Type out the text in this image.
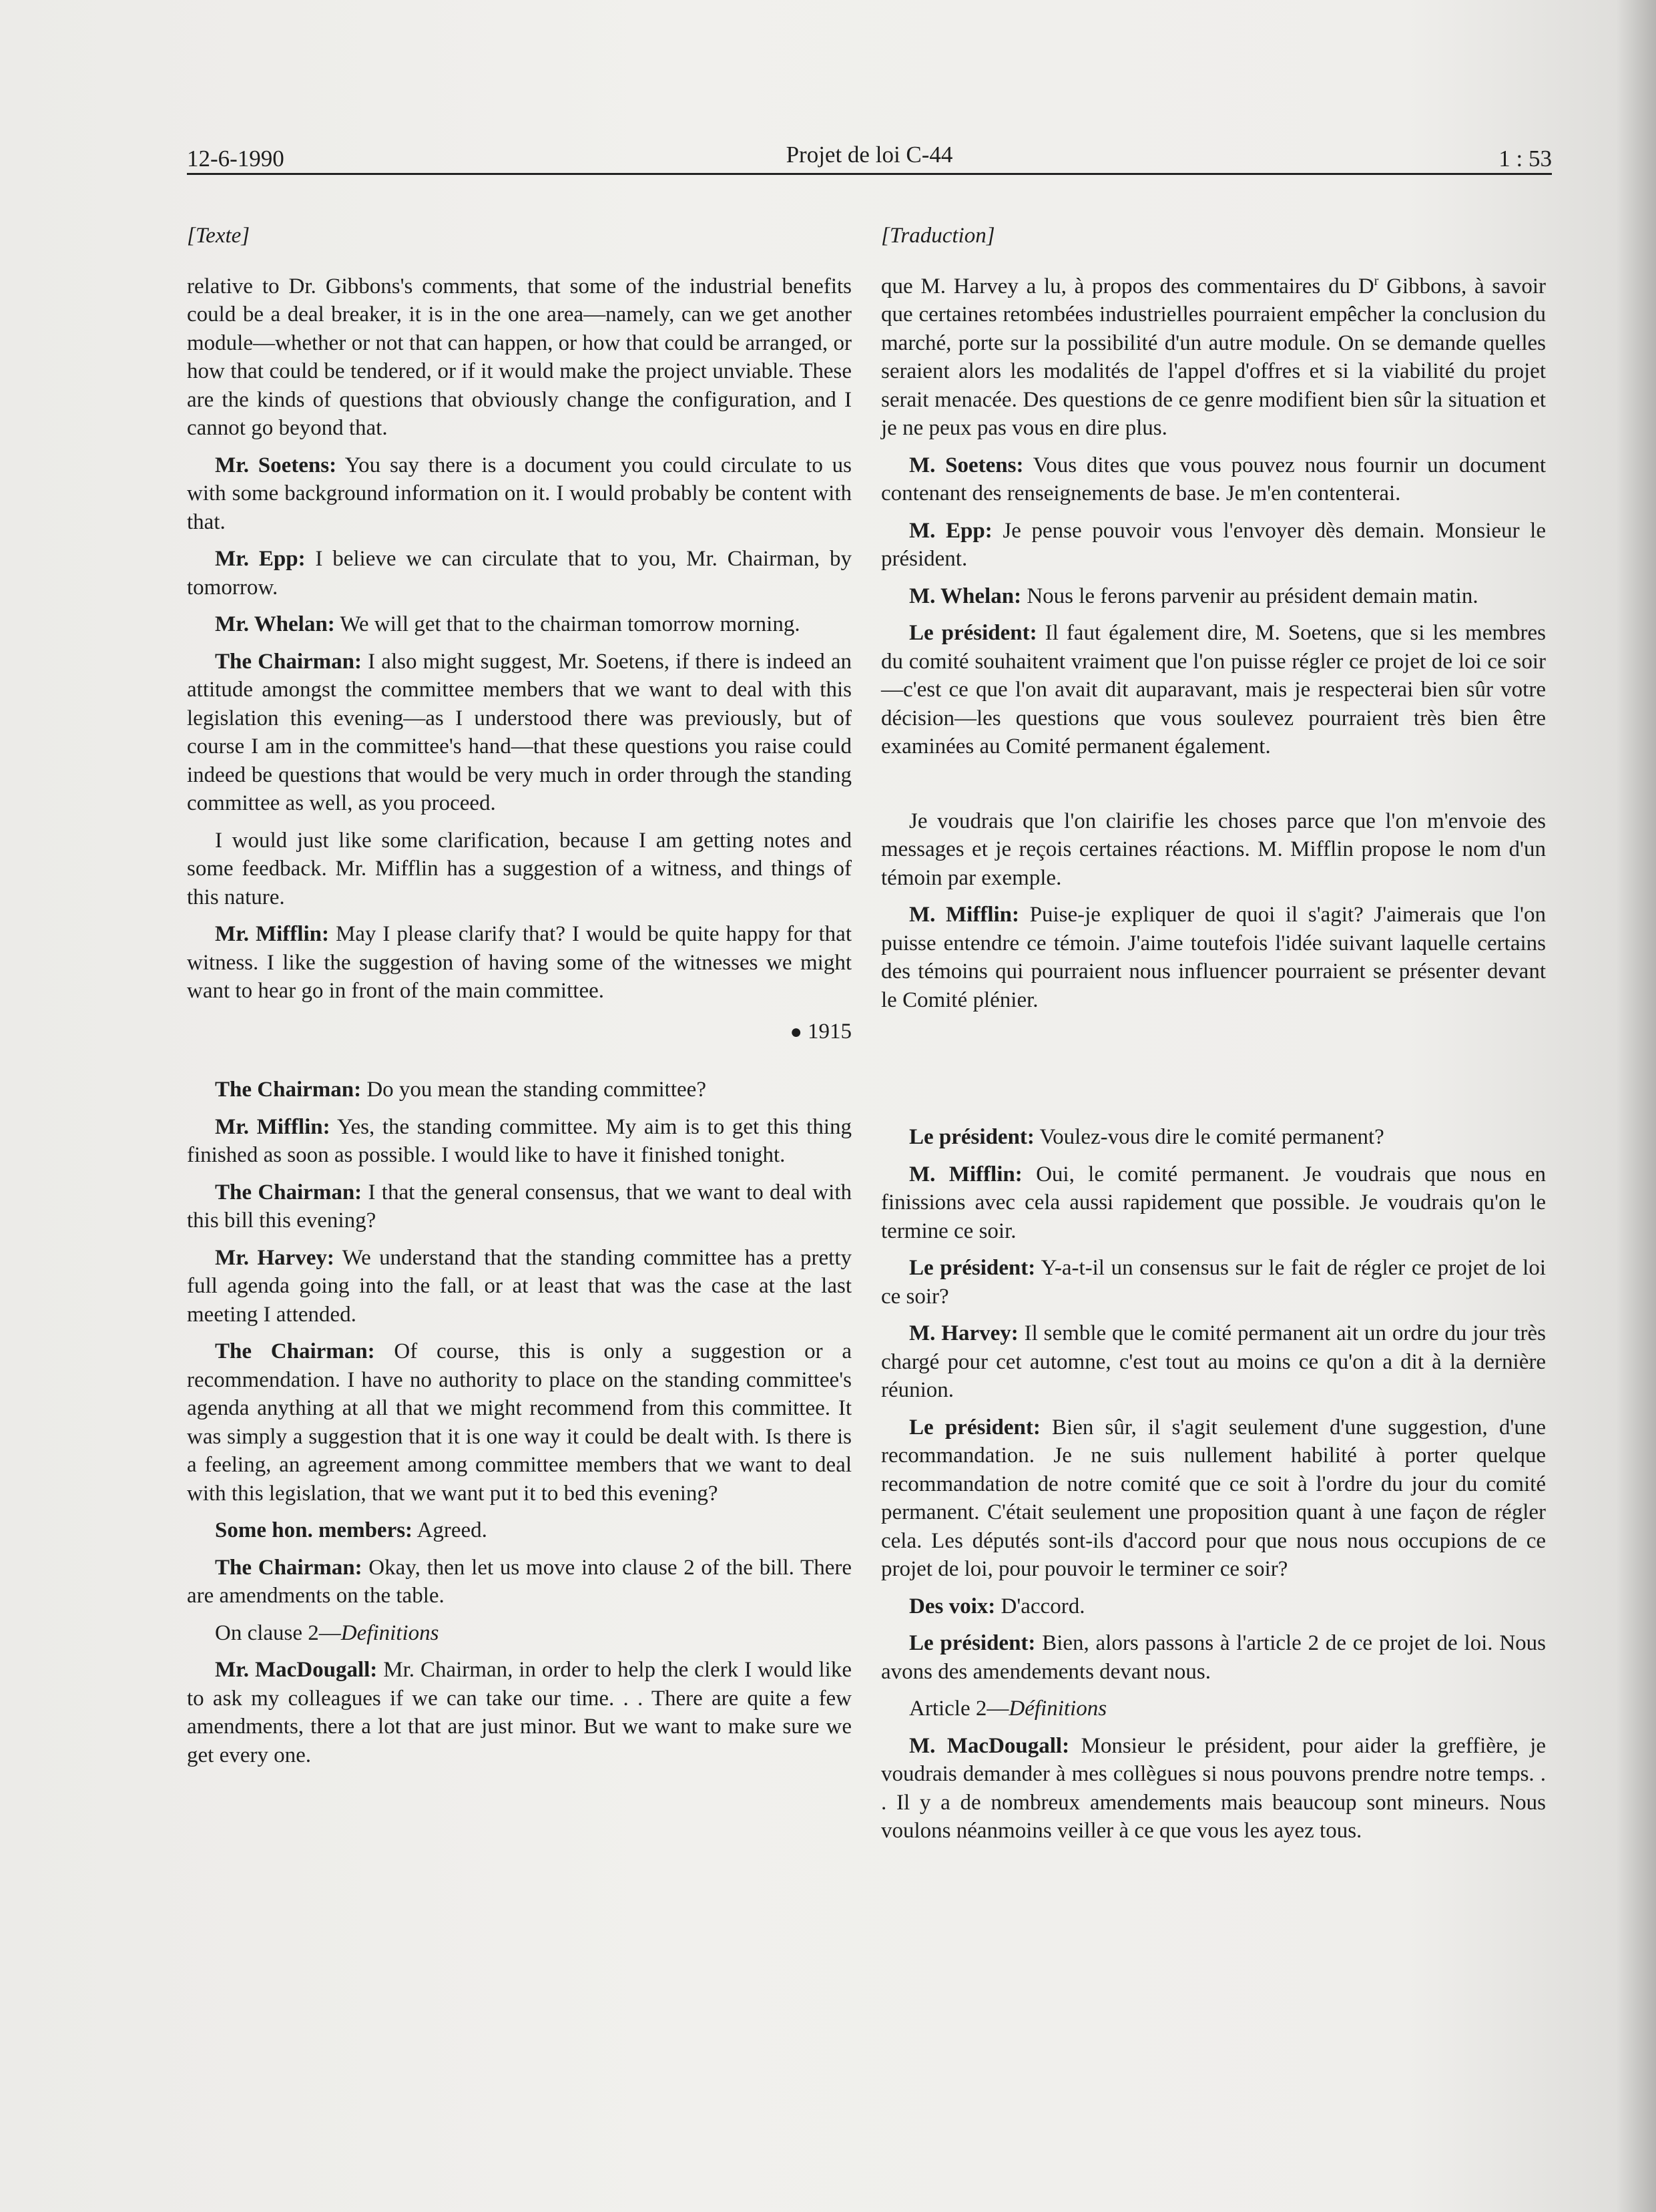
12-6-1990	Projet de loi C-44	1 : 53
[Texte]

relative to Dr. Gibbons's comments, that some of the industrial benefits could be a deal breaker, it is in the one area—namely, can we get another module—whether or not that can happen, or how that could be arranged, or how that could be tendered, or if it would make the project unviable. These are the kinds of questions that obviously change the configuration, and I cannot go beyond that.

Mr. Soetens: You say there is a document you could circulate to us with some background information on it. I would probably be content with that.

Mr. Epp: I believe we can circulate that to you, Mr. Chairman, by tomorrow.

Mr. Whelan: We will get that to the chairman tomorrow morning.

The Chairman: I also might suggest, Mr. Soetens, if there is indeed an attitude amongst the committee members that we want to deal with this legislation this evening—as I understood there was previously, but of course I am in the committee's hand—that these questions you raise could indeed be questions that would be very much in order through the standing committee as well, as you proceed.

I would just like some clarification, because I am getting notes and some feedback. Mr. Mifflin has a suggestion of a witness, and things of this nature.

Mr. Mifflin: May I please clarify that? I would be quite happy for that witness. I like the suggestion of having some of the witnesses we might want to hear go in front of the main committee.

● 1915

The Chairman: Do you mean the standing committee?

Mr. Mifflin: Yes, the standing committee. My aim is to get this thing finished as soon as possible. I would like to have it finished tonight.

The Chairman: I that the general consensus, that we want to deal with this bill this evening?

Mr. Harvey: We understand that the standing committee has a pretty full agenda going into the fall, or at least that was the case at the last meeting I attended.

The Chairman: Of course, this is only a suggestion or a recommendation. I have no authority to place on the standing committee's agenda anything at all that we might recommend from this committee. It was simply a suggestion that it is one way it could be dealt with. Is there is a feeling, an agreement among committee members that we want to deal with this legislation, that we want put it to bed this evening?

Some hon. members: Agreed.

The Chairman: Okay, then let us move into clause 2 of the bill. There are amendments on the table.

On clause 2—Definitions

Mr. MacDougall: Mr. Chairman, in order to help the clerk I would like to ask my colleagues if we can take our time. . . There are quite a few amendments, there a lot that are just minor. But we want to make sure we get every one.

[Traduction]

que M. Harvey a lu, à propos des commentaires du $D^r$ Gibbons, à savoir que certaines retombées industrielles pourraient empêcher la conclusion du marché, porte sur la possibilité d'un autre module. On se demande quelles seraient alors les modalités de l'appel d'offres et si la viabilité du projet serait menacée. Des questions de ce genre modifient bien sûr la situation et je ne peux pas vous en dire plus.

M. Soetens: Vous dites que vous pouvez nous fournir un document contenant des renseignements de base. Je m'en contenterai.

M. Epp: Je pense pouvoir vous l'envoyer dès demain. Monsieur le président.

M. Whelan: Nous le ferons parvenir au président demain matin.

Le président: Il faut également dire, M. Soetens, que si les membres du comité souhaitent vraiment que l'on puisse régler ce projet de loi ce soir—c'est ce que l'on avait dit auparavant, mais je respecterai bien sûr votre décision—les questions que vous soulevez pourraient très bien être examinées au Comité permanent également.

Je voudrais que l'on clairifie les choses parce que l'on m'envoie des messages et je reçois certaines réactions. M. Mifflin propose le nom d'un témoin par exemple.

M. Mifflin: Puise-je expliquer de quoi il s'agit? J'aimerais que l'on puisse entendre ce témoin. J'aime toutefois l'idée suivant laquelle certains des témoins qui pourraient nous influencer pourraient se présenter devant le Comité plénier.

Le président: Voulez-vous dire le comité permanent?

M. Mifflin: Oui, le comité permanent. Je voudrais que nous en finissions avec cela aussi rapidement que possible. Je voudrais qu'on le termine ce soir.

Le président: Y-a-t-il un consensus sur le fait de régler ce projet de loi ce soir?

M. Harvey: Il semble que le comité permanent ait un ordre du jour très chargé pour cet automne, c'est tout au moins ce qu'on a dit à la dernière réunion.

Le président: Bien sûr, il s'agit seulement d'une suggestion, d'une recommandation. Je ne suis nullement habilité à porter quelque recommandation de notre comité que ce soit à l'ordre du jour du comité permanent. C'était seulement une proposition quant à une façon de régler cela. Les députés sont-ils d'accord pour que nous nous occupions de ce projet de loi, pour pouvoir le terminer ce soir?

Des voix: D'accord.

Le président: Bien, alors passons à l'article 2 de ce projet de loi. Nous avons des amendements devant nous.

Article 2—Définitions

M. MacDougall: Monsieur le président, pour aider la greffière, je voudrais demander à mes collègues si nous pouvons prendre notre temps. . . Il y a de nombreux amendements mais beaucoup sont mineurs. Nous voulons néanmoins veiller à ce que vous les ayez tous.
